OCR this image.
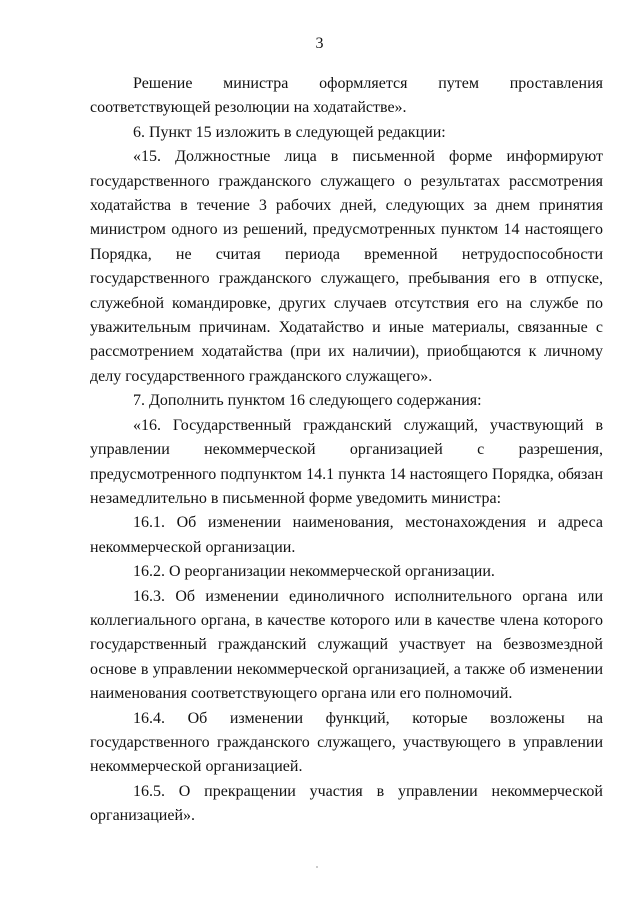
3

Решение министра оформляется путем проставления соответствующей резолюции на ходатайстве».

6. Пункт 15 изложить в следующей редакции:

«15. Должностные лица в письменной форме информируют государственного гражданского служащего о результатах рассмотрения ходатайства в течение 3 рабочих дней, следующих за днем принятия министром одного из решений, предусмотренных пунктом 14 настоящего Порядка, не считая периода временной нетрудоспособности государственного гражданского служащего, пребывания его в отпуске, служебной командировке, других случаев отсутствия его на службе по уважительным причинам. Ходатайство и иные материалы, связанные с рассмотрением ходатайства (при их наличии), приобщаются к личному делу государственного гражданского служащего».

7. Дополнить пунктом 16 следующего содержания:

«16. Государственный гражданский служащий, участвующий в управлении некоммерческой организацией с разрешения, предусмотренного подпунктом 14.1 пункта 14 настоящего Порядка, обязан незамедлительно в письменной форме уведомить министра:

16.1. Об изменении наименования, местонахождения и адреса некоммерческой организации.

16.2. О реорганизации некоммерческой организации.

16.3. Об изменении единоличного исполнительного органа или коллегиального органа, в качестве которого или в качестве члена которого государственный гражданский служащий участвует на безвозмездной основе в управлении некоммерческой организацией, а также об изменении наименования соответствующего органа или его полномочий.

16.4. Об изменении функций, которые возложены на государственного гражданского служащего, участвующего в управлении некоммерческой организацией.

16.5. О прекращении участия в управлении некоммерческой организацией».
